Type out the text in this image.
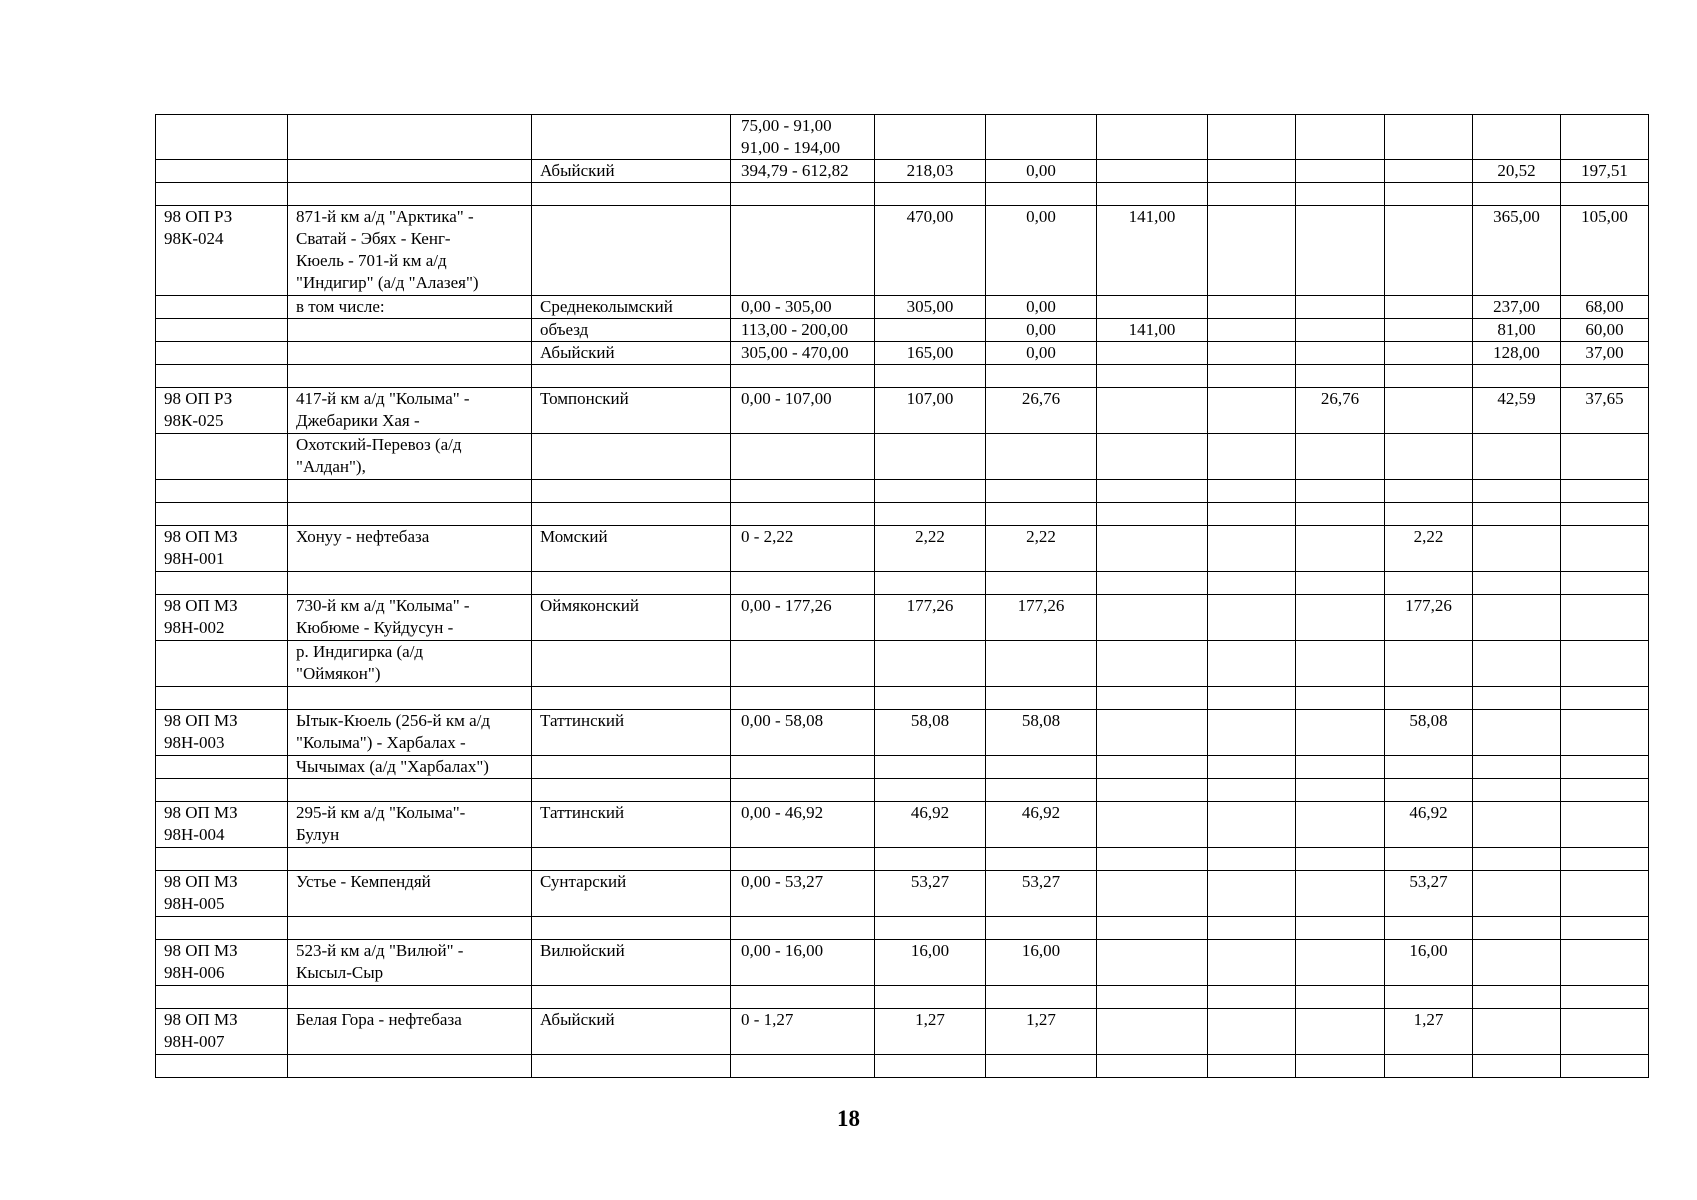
			75,00 - 91,00
91,00 - 194,00								
		Абыйский	394,79 - 612,82	218,03	0,00					20,52	197,51

98 ОП РЗ
98К-024	871-й км а/д "Арктика" -
Сватай - Эбях - Кенг-
Кюель - 701-й км а/д
"Индигир" (а/д "Алазея")			470,00	0,00	141,00				365,00	105,00
	в том числе:	Среднеколымский	0,00 - 305,00	305,00	0,00					237,00	68,00
		объезд	113,00 - 200,00		0,00	141,00				81,00	60,00
		Абыйский	305,00 - 470,00	165,00	0,00					128,00	37,00

98 ОП РЗ
98К-025	417-й км а/д "Колыма" -
Джебарики Хая -	Томпонский	0,00 - 107,00	107,00	26,76			26,76		42,59	37,65
	Охотский-Перевоз (а/д
"Алдан"),										

98 ОП МЗ
98Н-001	Хонуу - нефтебаза	Момский	0 - 2,22	2,22	2,22				2,22		

98 ОП МЗ
98Н-002	730-й км а/д "Колыма" -
Кюбюме - Куйдусун -	Оймяконский	0,00 - 177,26	177,26	177,26				177,26		
	р. Индигирка (а/д
"Оймякон")										

98 ОП МЗ
98Н-003	Ытык-Кюель (256-й км а/д
"Колыма") - Харбалах -	Таттинский	0,00 - 58,08	58,08	58,08				58,08		
	Чычымах (а/д "Харбалах")										

98 ОП МЗ
98Н-004	295-й км а/д "Колыма"-
Булун	Таттинский	0,00 - 46,92	46,92	46,92				46,92		

98 ОП МЗ
98Н-005	Устье - Кемпендяй	Сунтарский	0,00 - 53,27	53,27	53,27				53,27		

98 ОП МЗ
98Н-006	523-й км а/д "Вилюй" -
Кысыл-Сыр	Вилюйский	0,00 - 16,00	16,00	16,00				16,00		

98 ОП МЗ
98Н-007	Белая Гора - нефтебаза	Абыйский	0 - 1,27	1,27	1,27				1,27		

18
